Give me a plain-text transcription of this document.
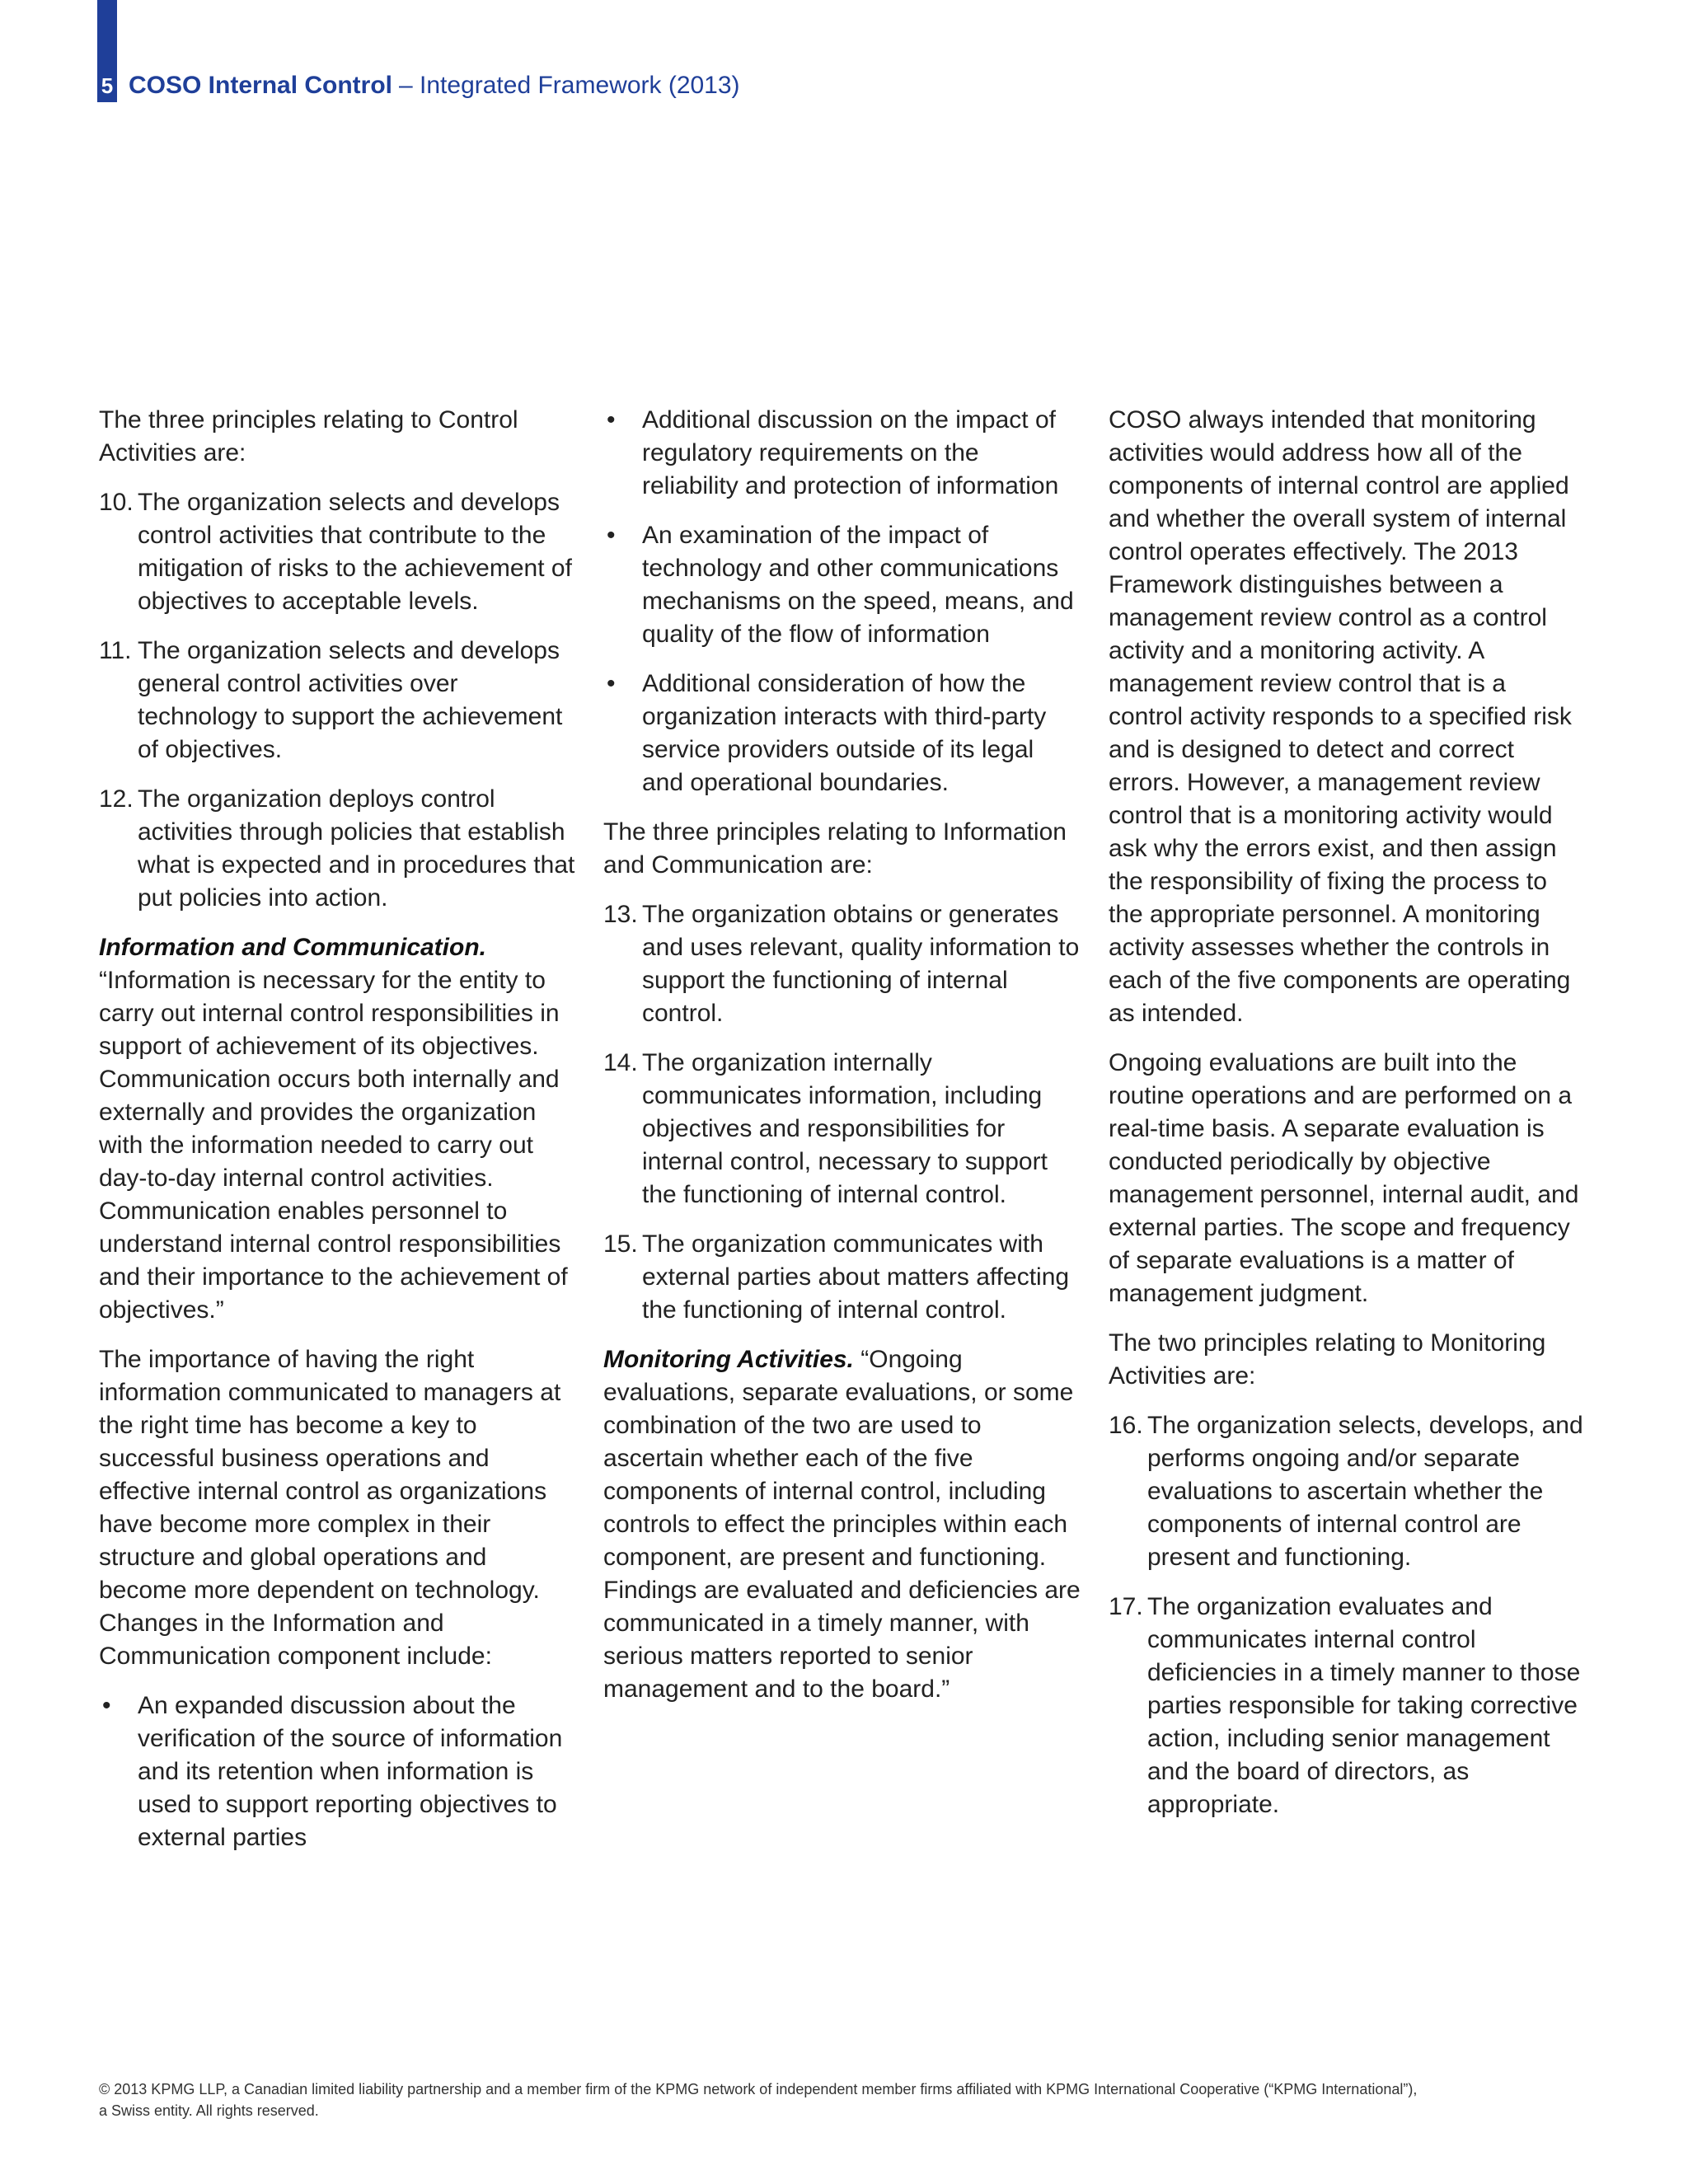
5 COSO Internal Control – Integrated Framework (2013)

The three principles relating to Control Activities are:

10. The organization selects and develops control activities that contribute to the mitigation of risks to the achievement of objectives to acceptable levels.
11. The organization selects and develops general control activities over technology to support the achievement of objectives.
12. The organization deploys control activities through policies that establish what is expected and in procedures that put policies into action.

Information and Communication. “Information is necessary for the entity to carry out internal control responsibilities in support of achievement of its objectives. Communication occurs both internally and externally and provides the organization with the information needed to carry out day-to-day internal control activities. Communication enables personnel to understand internal control responsibilities and their importance to the achievement of objectives.”

The importance of having the right information communicated to managers at the right time has become a key to successful business operations and effective internal control as organizations have become more complex in their structure and global operations and become more dependent on technology. Changes in the Information and Communication component include:

• An expanded discussion about the verification of the source of information and its retention when information is used to support reporting objectives to external parties
• Additional discussion on the impact of regulatory requirements on the reliability and protection of information
• An examination of the impact of technology and other communications mechanisms on the speed, means, and quality of the flow of information
• Additional consideration of how the organization interacts with third-party service providers outside of its legal and operational boundaries.

The three principles relating to Information and Communication are:

13. The organization obtains or generates and uses relevant, quality information to support the functioning of internal control.
14. The organization internally communicates information, including objectives and responsibilities for internal control, necessary to support the functioning of internal control.
15. The organization communicates with external parties about matters affecting the functioning of internal control.

Monitoring Activities. “Ongoing evaluations, separate evaluations, or some combination of the two are used to ascertain whether each of the five components of internal control, including controls to effect the principles within each component, are present and functioning. Findings are evaluated and deficiencies are communicated in a timely manner, with serious matters reported to senior management and to the board.”

COSO always intended that monitoring activities would address how all of the components of internal control are applied and whether the overall system of internal control operates effectively. The 2013 Framework distinguishes between a management review control as a control activity and a monitoring activity. A management review control that is a control activity responds to a specified risk and is designed to detect and correct errors. However, a management review control that is a monitoring activity would ask why the errors exist, and then assign the responsibility of fixing the process to the appropriate personnel. A monitoring activity assesses whether the controls in each of the five components are operating as intended.

Ongoing evaluations are built into the routine operations and are performed on a real-time basis. A separate evaluation is conducted periodically by objective management personnel, internal audit, and external parties. The scope and frequency of separate evaluations is a matter of management judgment.

The two principles relating to Monitoring Activities are:

16. The organization selects, develops, and performs ongoing and/or separate evaluations to ascertain whether the components of internal control are present and functioning.
17. The organization evaluates and communicates internal control deficiencies in a timely manner to those parties responsible for taking corrective action, including senior management and the board of directors, as appropriate.
© 2013 KPMG LLP, a Canadian limited liability partnership and a member firm of the KPMG network of independent member firms affiliated with KPMG International Cooperative (“KPMG International”), a Swiss entity. All rights reserved.
